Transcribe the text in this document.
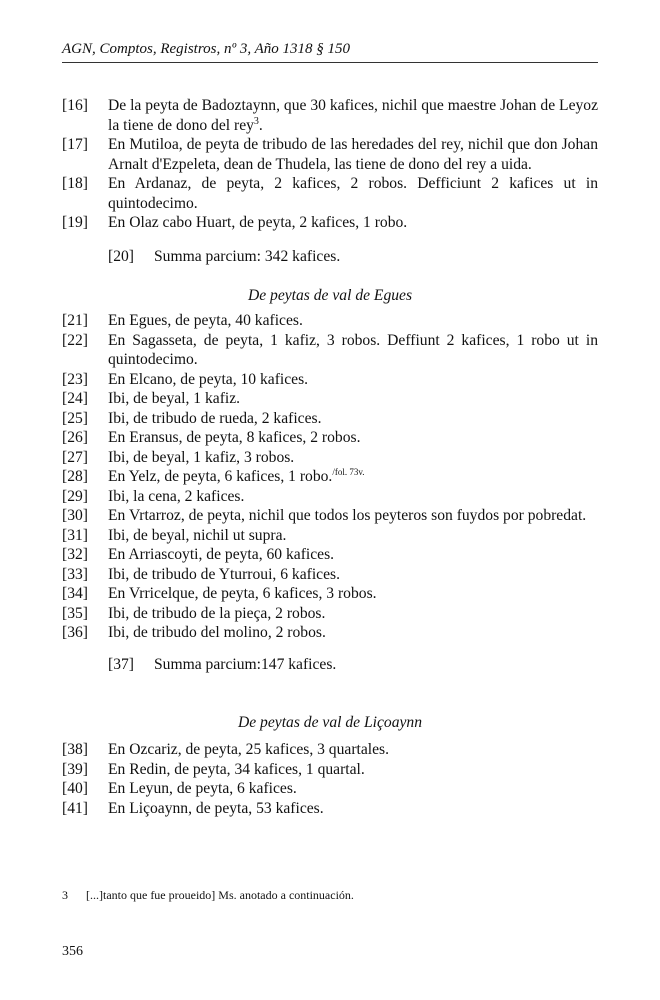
AGN, Comptos, Registros, nº 3, Año 1318 § 150
[16]	De la peyta de Badoztaynn, que 30 kafices, nichil que maestre Johan de Leyoz la tiene de dono del rey$^3$.
[17]	En Mutiloa, de peyta de tribudo de las heredades del rey, nichil que don Johan Arnalt d'Ezpeleta, dean de Thudela, las tiene de dono del rey a uida.
[18]	En Ardanaz, de peyta, 2 kafices, 2 robos. Defficiunt 2 kafices ut in quintodecimo.
[19]	En Olaz cabo Huart, de peyta, 2 kafices, 1 robo.
[20] Summa parcium: 342 kafices.
De peytas de val de Egues
[21]	En Egues, de peyta, 40 kafices.
[22]	En Sagasseta, de peyta, 1 kafiz, 3 robos. Deffiunt 2 kafices, 1 robo ut in quintodecimo.
[23]	En Elcano, de peyta, 10 kafices.
[24]	Ibi, de beyal, 1 kafiz.
[25]	Ibi, de tribudo de rueda, 2 kafices.
[26]	En Eransus, de peyta, 8 kafices, 2 robos.
[27]	Ibi, de beyal, 1 kafiz, 3 robos.
[28]	En Yelz, de peyta, 6 kafices, 1 robo.$^{/fol. 73v.}$
[29]	Ibi, la cena, 2 kafices.
[30]	En Vrtarroz, de peyta, nichil que todos los peyteros son fuydos por pobredat.
[31]	Ibi, de beyal, nichil ut supra.
[32]	En Arriascoyti, de peyta, 60 kafices.
[33]	Ibi, de tribudo de Yturroui, 6 kafices.
[34]	En Vrricelque, de peyta, 6 kafices, 3 robos.
[35]	Ibi, de tribudo de la pieça, 2 robos.
[36]	Ibi, de tribudo del molino, 2 robos.
[37] Summa parcium:147 kafices.
De peytas de val de Liçoaynn
[38]	En Ozcariz, de peyta, 25 kafices, 3 quartales.
[39]	En Redin, de peyta, 34 kafices, 1 quartal.
[40]	En Leyun, de peyta, 6 kafices.
[41]	En Liçoaynn, de peyta, 53 kafices.
3	[...]tanto que fue proueido] Ms. anotado a continuación.
356
